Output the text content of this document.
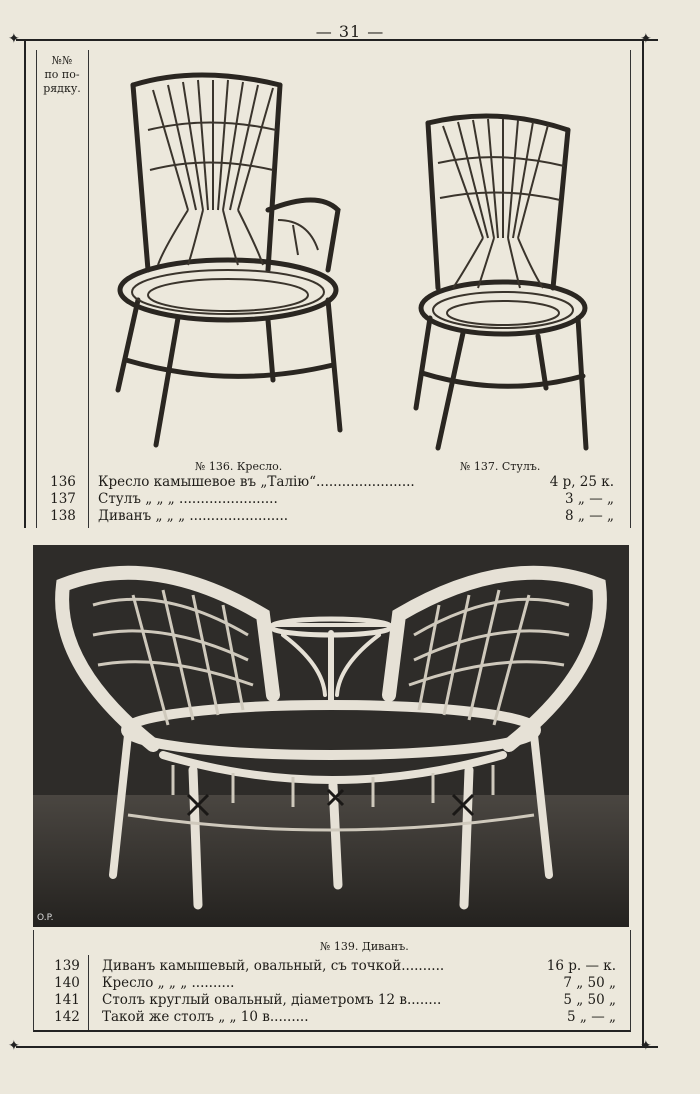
— 31 —
✦	✦
№№
по по-
рядку.
№ 136. Кресло.	№ 137. Стулъ.
136	Кресло камышевое въ „Талію“.......................	4 р, 25 к.
137	Стулъ „ „ „ .......................	3 „ — „
138	Диванъ „ „ „ .......................	8 „ — „
O.P.
№ 139. Диванъ.
139	Диванъ камышевый, овальный, съ точкой..........	16 р. — к.
140	Кресло „ „ „ ..........	7 „ 50 „
141	Столъ круглый овальный, діаметромъ 12 в........	5 „ 50 „
142	Такой же столъ „ „ 10 в.........	5 „ — „
✦	✦
